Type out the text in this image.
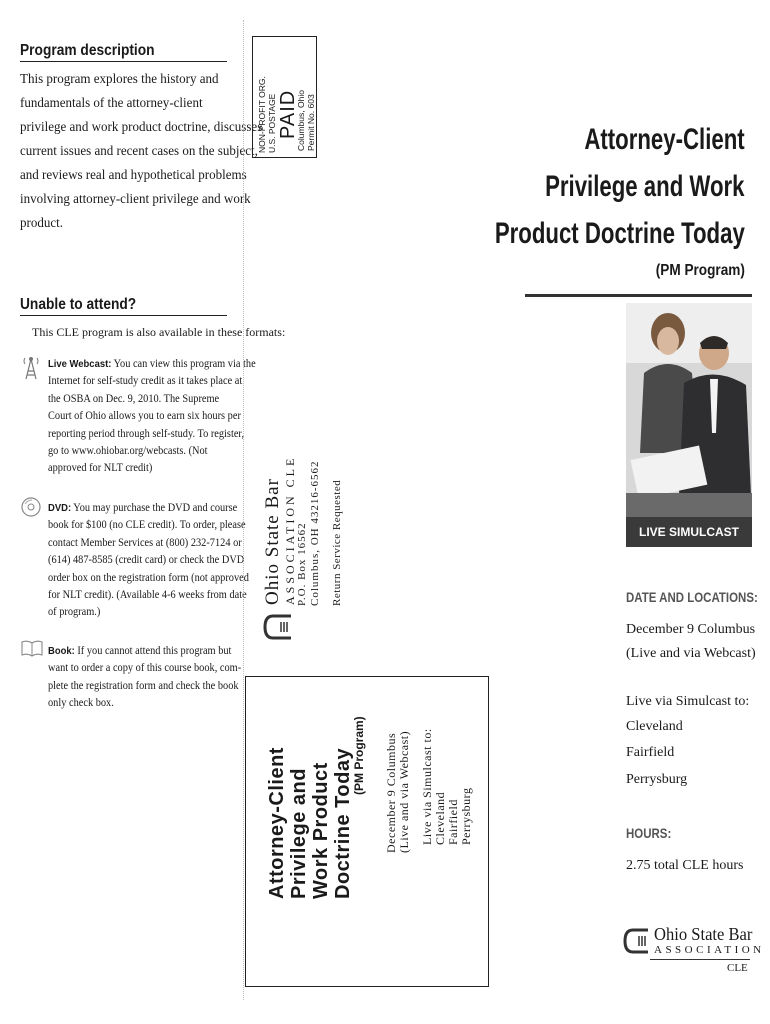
Program description
This program explores the history and
fundamentals of the attorney-client
privilege and work product doctrine, discusses
current issues and recent cases on the subject,
and reviews real and hypothetical problems
involving attorney-client privilege and work
product.
Unable to attend?
This CLE program is also available in these formats:
Live Webcast: You can view this program via the
Internet for self-study credit as it takes place at
the OSBA on Dec. 9, 2010. The Supreme
Court of Ohio allows you to earn six hours per
reporting period through self-study. To register,
go to www.ohiobar.org/webcasts. (Not
approved for NLT credit)
DVD: You may purchase the DVD and course
book for $100 (no CLE credit). To order, please
contact Member Services at (800) 232-7124 or
(614) 487-8585 (credit card) or check the DVD
order box on the registration form (not approved
for NLT credit). (Available 4-6 weeks from date
of program.)
Book: If you cannot attend this program but
want to order a copy of this course book, com-
plete the registration form and check the book
only check box.
NON-PROFIT ORG. U.S. POSTAGE PAID
Columbus, Ohio Permit No. 603
Ohio State Bar ASSOCIATION CLE P.O. Box 16562 Columbus, OH 43216-6562 Return Service Requested
Attorney-Client Privilege and Work Product Doctrine Today
(PM Program) December 9 Columbus (Live and via Webcast) Live via Simulcast to: Cleveland Fairfield Perrysburg
Attorney-Client
Privilege and Work
Product Doctrine Today
(PM Program)
LIVE SIMULCAST
DATE AND LOCATIONS:
December 9 Columbus
(Live and via Webcast)
Live via Simulcast to:
Cleveland
Fairfield
Perrysburg
HOURS:
2.75 total CLE hours
Ohio State Bar
ASSOCIATION
CLE
